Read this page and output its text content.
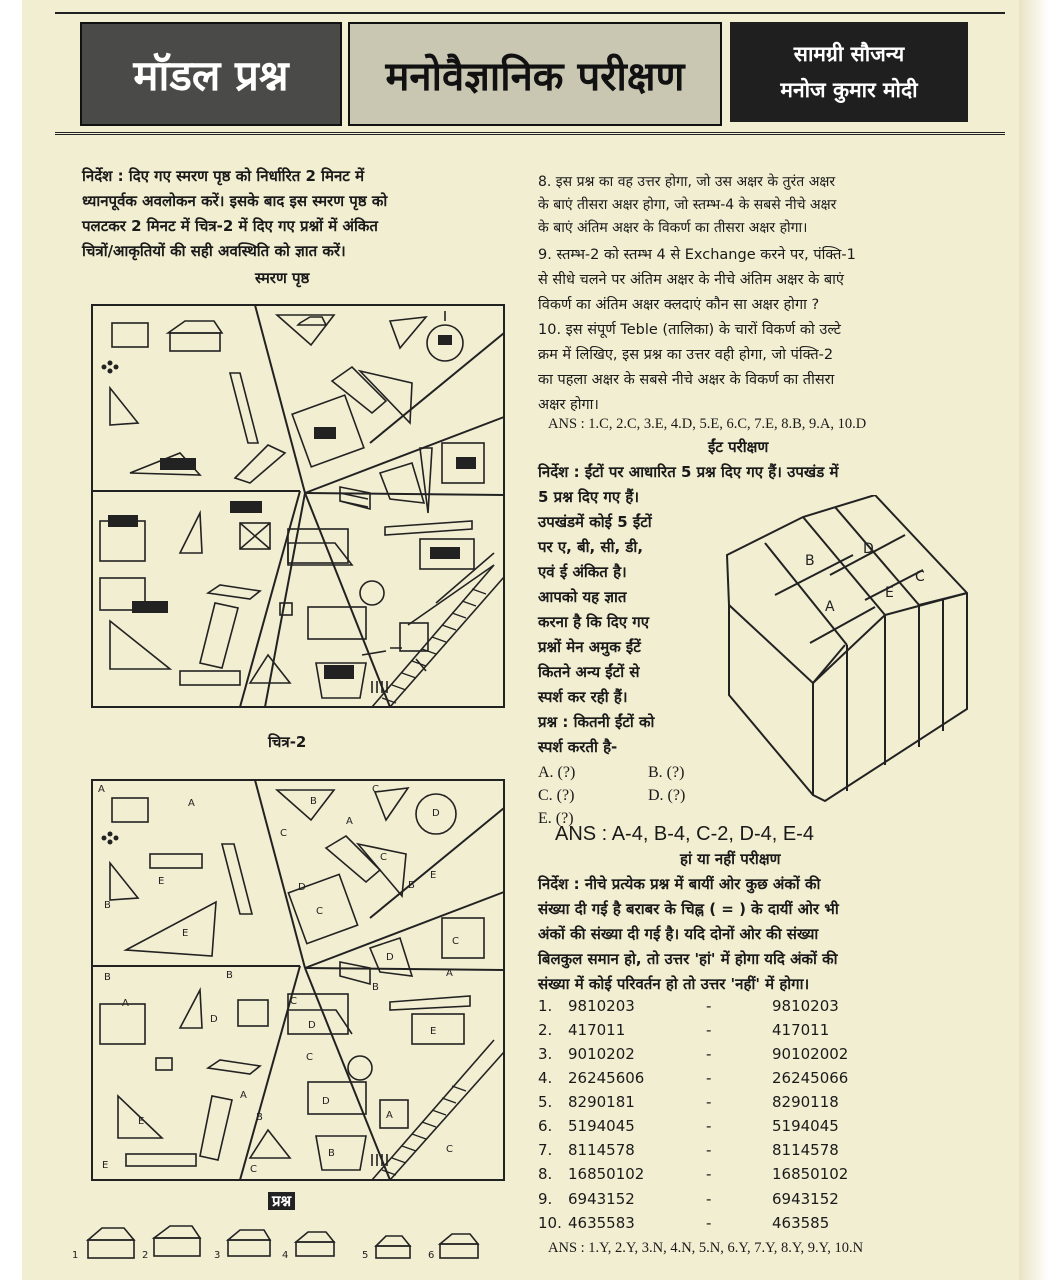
मॉडल प्रश्न मनोवैज्ञानिक परीक्षण	सामग्री सौजन्य
मनोज कुमार मोदी
निर्देश : दिए गए स्मरण पृष्ठ को निर्धारित 2 मिनट में
ध्यानपूर्वक अवलोकन करें। इसके बाद इस स्मरण पृष्ठ को
पलटकर 2 मिनट में चित्र-2 में दिए गए प्रश्नों में अंकित
चित्रों/आकृतियों की सही अवस्थिति को ज्ञात करें।
स्मरण पृष्ठ
चित्र-2
A
A	B
C
D
C
A
E
B
E
D
C
C
B
E
D
C
B	B
A
D
C
D
B
A
E
C
A
D
A
B
B
C
E
E
C
प्रश्न
1	2	3	4	5	6
8. इस प्रश्न का वह उत्तर होगा, जो उस अक्षर के तुरंत अक्षर
के बाएं तीसरा अक्षर होगा, जो स्तम्भ-4 के सबसे नीचे अक्षर
के बाएं अंतिम अक्षर के विकर्ण का तीसरा अक्षर होगा।
9. स्तम्भ-2 को स्तम्भ 4 से Exchange करने पर, पंक्ति-1
से सीधे चलने पर अंतिम अक्षर के नीचे अंतिम अक्षर के बाएं
विकर्ण का अंतिम अक्षर क्लदाएं कौन सा अक्षर होगा ?
10. इस संपूर्ण Teble (तालिका) के चारों विकर्ण को उल्टे
क्रम में लिखिए, इस प्रश्न का उत्तर वही होगा, जो पंक्ति-2
का पहला अक्षर के सबसे नीचे अक्षर के विकर्ण का तीसरा
अक्षर होगा।
ANS : 1.C, 2.C, 3.E, 4.D, 5.E, 6.C, 7.E, 8.B, 9.A, 10.D
ईंट परीक्षण
निर्देश : ईंटों पर आधारित 5 प्रश्न दिए गए हैं। उपखंड में
5 प्रश्न दिए गए हैं।
उपखंडमें कोई 5 ईंटों
पर ए, बी, सी, डी,
एवं ई अंकित है।
आपको यह ज्ञात
करना है कि दिए गए
प्रश्नों मेन अमुक ईंटें
कितने अन्य ईंटों से
स्पर्श कर रही हैं।
प्रश्न : कितनी ईंटों को
स्पर्श करती है-
A. (?)	B. (?)
C. (?)	D. (?)
E. (?)
B
D
C
E
A
ANS : A-4, B-4, C-2, D-4, E-4
हां या नहीं परीक्षण
निर्देश : नीचे प्रत्येक प्रश्न में बायीं ओर कुछ अंकों की
संख्या दी गई है बराबर के चिह्न ( = ) के दायीं ओर भी
अंकों की संख्या दी गई है। यदि दोनों ओर की संख्या
बिलकुल समान हो, तो उत्तर 'हां' में होगा यदि अंकों की
संख्या में कोई परिवर्तन हो तो उत्तर 'नहीं' में होगा।
1. 9810203	-	9810203
2. 417011	-	417011
3. 9010202	-	90102002
4. 26245606	-	26245066
5. 8290181	-	8290118
6. 5194045	-	5194045
7. 8114578	-	8114578
8. 16850102	-	16850102
9. 6943152	-	6943152
10. 4635583	-	463585
ANS : 1.Y, 2.Y, 3.N, 4.N, 5.N, 6.Y, 7.Y, 8.Y, 9.Y, 10.N
